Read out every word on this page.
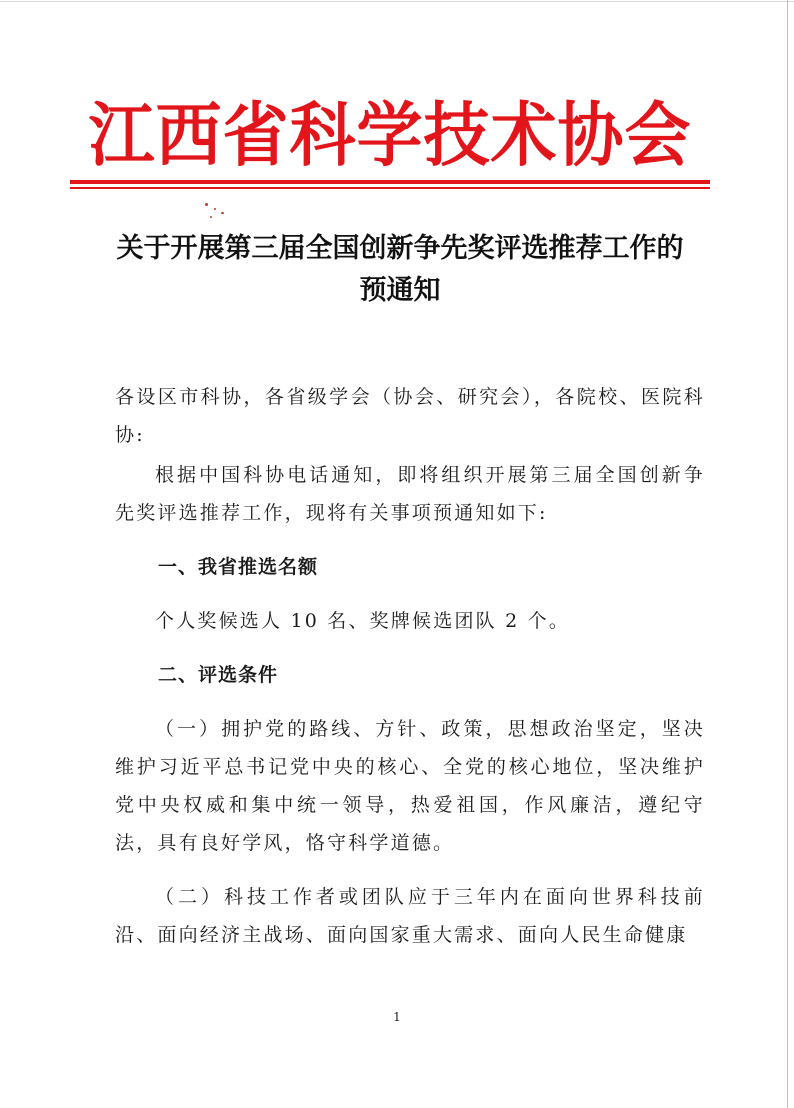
江西省科学技术协会
关于开展第三届全国创新争先奖评选推荐工作的预通知
各设区市科协，各省级学会（协会、研究会），各院校、医院科协:
根据中国科协电话通知，即将组织开展第三届全国创新争先奖评选推荐工作，现将有关事项预通知如下:
一、我省推选名额
个人奖候选人 10 名、奖牌候选团队 2 个。
二、评选条件
（一）拥护党的路线、方针、政策，思想政治坚定，坚决维护习近平总书记党中央的核心、全党的核心地位，坚决维护党中央权威和集中统一领导，热爱祖国，作风廉洁，遵纪守法，具有良好学风，恪守科学道德。
（二）科技工作者或团队应于三年内在面向世界科技前沿、面向经济主战场、面向国家重大需求、面向人民生命健康
1
